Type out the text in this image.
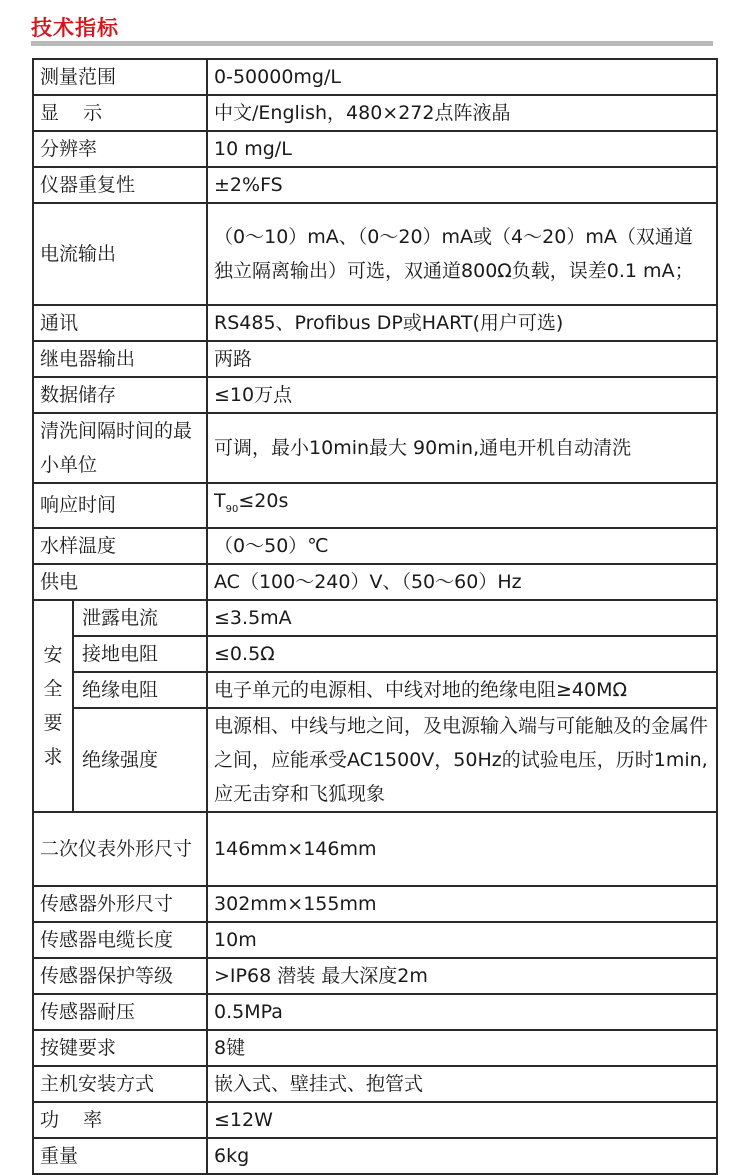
技术指标
测量范围		0-50000mg/L
显    示		中文/English，480×272点阵液晶
分辨率		10 mg/L
仪器重复性		±2%FS
电流输出		（0～10）mA、（0～20）mA或（4～20）mA（双通道独立隔离输出）可选，双通道800Ω负载，误差0.1 mA；
通讯		RS485、Profibus DP或HART(用户可选)
继电器输出		两路
数据储存		≤10万点
清洗间隔时间的最小单位		可调，最小10min最大 90min,通电开机自动清洗
响应时间		$T_{90}\le 20s$
水样温度		（0～50）℃
供电		AC（100～240）V、（50～60）Hz

安
全
要
求	泄露电流	≤3.5mA
	接地电阻	≤0.5Ω
	绝缘电阻	电子单元的电源相、中线对地的绝缘电阻≥40MΩ
	绝缘强度	电源相、中线与地之间，及电源输入端与可能触及的金属件之间，应能承受AC1500V，50Hz的试验电压，历时1min,应无击穿和飞狐现象
二次仪表外形尺寸		146mm×146mm
传感器外形尺寸		302mm×155mm
传感器电缆长度		10m
传感器保护等级		>IP68 潜装 最大深度2m
传感器耐压		0.5MPa
按键要求		8键
主机安装方式		嵌入式、壁挂式、抱管式
功    率		≤12W
重量		6kg
